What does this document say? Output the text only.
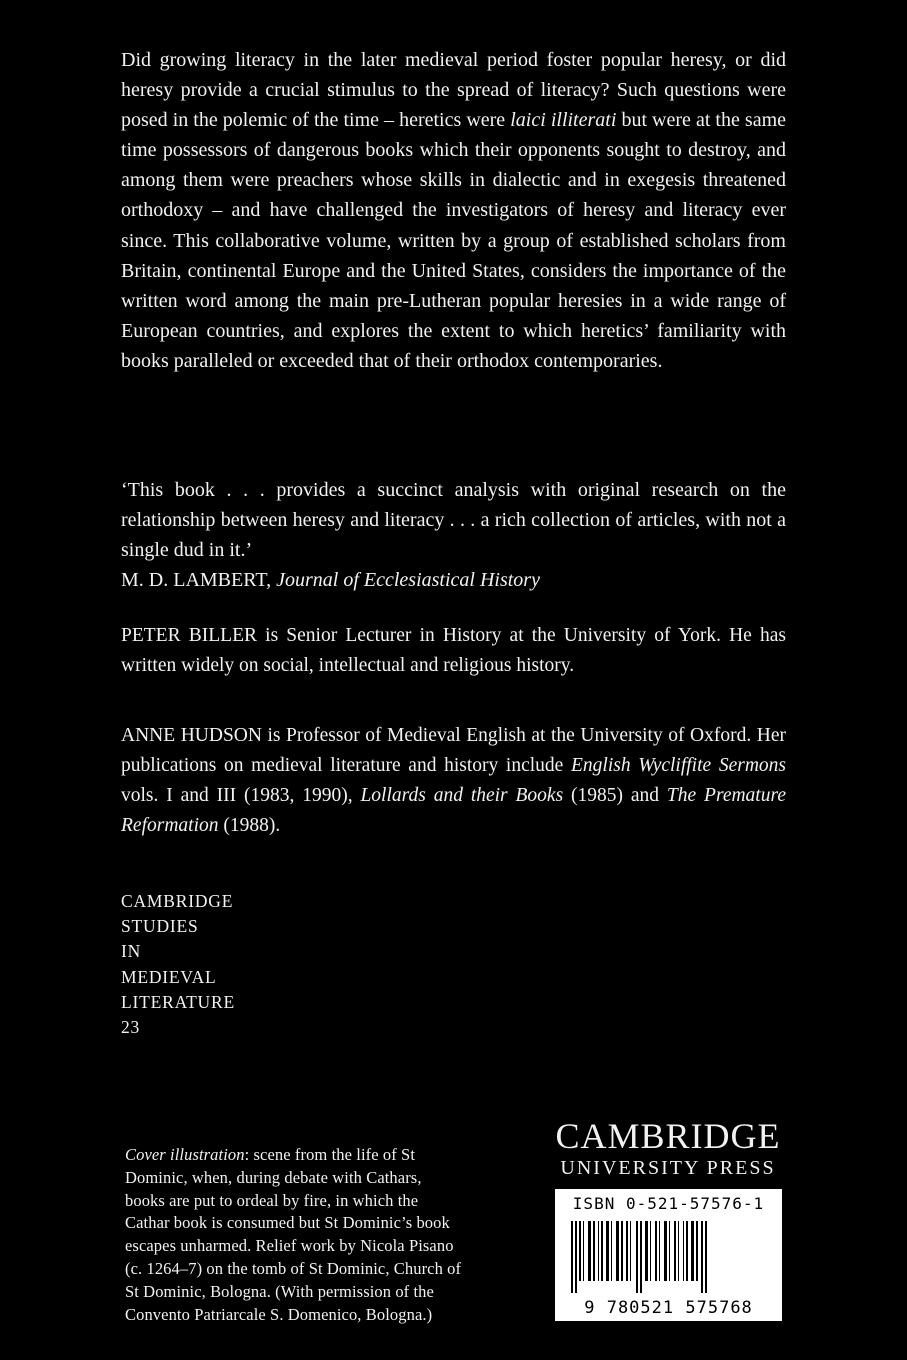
Did growing literacy in the later medieval period foster popular heresy, or did heresy provide a crucial stimulus to the spread of literacy? Such questions were posed in the polemic of the time – heretics were laici illiterati but were at the same time possessors of dangerous books which their opponents sought to destroy, and among them were preachers whose skills in dialectic and in exegesis threatened orthodoxy – and have challenged the investigators of heresy and literacy ever since. This collaborative volume, written by a group of established scholars from Britain, continental Europe and the United States, considers the importance of the written word among the main pre-Lutheran popular heresies in a wide range of European countries, and explores the extent to which heretics’ familiarity with books paralleled or exceeded that of their orthodox contemporaries.
‘This book . . . provides a succinct analysis with original research on the relationship between heresy and literacy . . . a rich collection of articles, with not a single dud in it.’
M. D. LAMBERT, Journal of Ecclesiastical History
PETER BILLER is Senior Lecturer in History at the University of York. He has written widely on social, intellectual and religious history.
ANNE HUDSON is Professor of Medieval English at the University of Oxford. Her publications on medieval literature and history include English Wycliffite Sermons vols. I and III (1983, 1990), Lollards and their Books (1985) and The Premature Reformation (1988).
CAMBRIDGE
STUDIES
IN
MEDIEVAL
LITERATURE
23
Cover illustration: scene from the life of St
Dominic, when, during debate with Cathars,
books are put to ordeal by fire, in which the
Cathar book is consumed but St Dominic’s book
escapes unharmed. Relief work by Nicola Pisano
(c. 1264–7) on the tomb of St Dominic, Church of
St Dominic, Bologna. (With permission of the
Convento Patriarcale S. Domenico, Bologna.)
CAMBRIDGE
UNIVERSITY PRESS
ISBN 0-521-57576-1
9 780521 575768
